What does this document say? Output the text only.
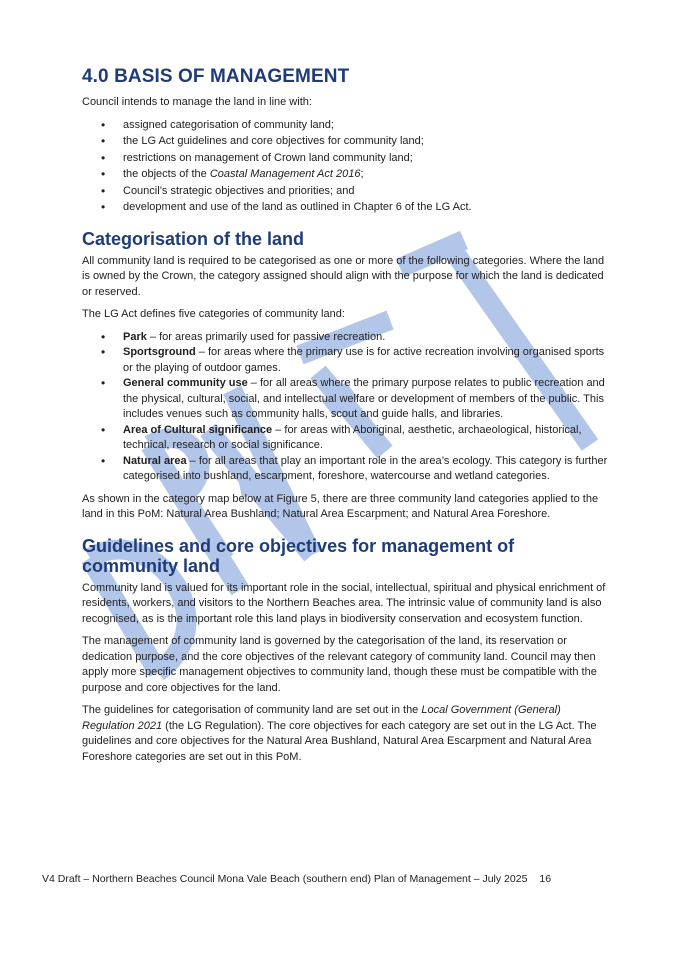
4.0 BASIS OF MANAGEMENT

Council intends to manage the land in line with:

• assigned categorisation of community land;
• the LG Act guidelines and core objectives for community land;
• restrictions on management of Crown land community land;
• the objects of the Coastal Management Act 2016;
• Council’s strategic objectives and priorities; and
• development and use of the land as outlined in Chapter 6 of the LG Act.
Categorisation of the land

All community land is required to be categorised as one or more of the following categories. Where the land is owned by the Crown, the category assigned should align with the purpose for which the land is dedicated or reserved.

The LG Act defines five categories of community land:

• Park – for areas primarily used for passive recreation.
• Sportsground – for areas where the primary use is for active recreation involving organised sports or the playing of outdoor games.
• General community use – for all areas where the primary purpose relates to public recreation and the physical, cultural, social, and intellectual welfare or development of members of the public. This includes venues such as community halls, scout and guide halls, and libraries.
• Area of Cultural significance – for areas with Aboriginal, aesthetic, archaeological, historical, technical, research or social significance.
• Natural area – for all areas that play an important role in the area’s ecology. This category is further categorised into bushland, escarpment, foreshore, watercourse and wetland categories.

As shown in the category map below at Figure 5, there are three community land categories applied to the land in this PoM: Natural Area Bushland; Natural Area Escarpment; and Natural Area Foreshore.

Guidelines and core objectives for management of community land

Community land is valued for its important role in the social, intellectual, spiritual and physical enrichment of residents, workers, and visitors to the Northern Beaches area. The intrinsic value of community land is also recognised, as is the important role this land plays in biodiversity conservation and ecosystem function.

The management of community land is governed by the categorisation of the land, its reservation or dedication purpose, and the core objectives of the relevant category of community land. Council may then apply more specific management objectives to community land, though these must be compatible with the purpose and core objectives for the land.

The guidelines for categorisation of community land are set out in the Local Government (General) Regulation 2021 (the LG Regulation). The core objectives for each category are set out in the LG Act. The guidelines and core objectives for the Natural Area Bushland, Natural Area Escarpment and Natural Area Foreshore categories are set out in this PoM.

V4 Draft – Northern Beaches Council Mona Vale Beach (southern end) Plan of Management – July 2025 16
